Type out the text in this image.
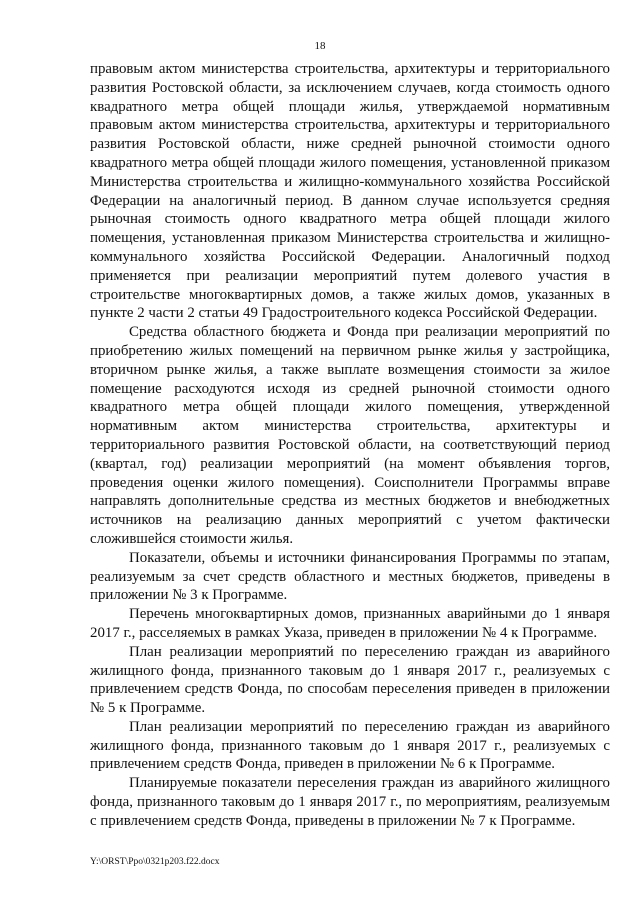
18

правовым актом министерства строительства, архитектуры и территориального развития Ростовской области, за исключением случаев, когда стоимость одного квадратного метра общей площади жилья, утверждаемой нормативным правовым актом министерства строительства, архитектуры и территориального развития Ростовской области, ниже средней рыночной стоимости одного квадратного метра общей площади жилого помещения, установленной приказом Министерства строительства и жилищно-коммунального хозяйства Российской Федерации на аналогичный период. В данном случае используется средняя рыночная стоимость одного квадратного метра общей площади жилого помещения, установленная приказом Министерства строительства и жилищно-коммунального хозяйства Российской Федерации. Аналогичный подход применяется при реализации мероприятий путем долевого участия в строительстве многоквартирных домов, а также жилых домов, указанных в пункте 2 части 2 статьи 49 Градостроительного кодекса Российской Федерации.

Средства областного бюджета и Фонда при реализации мероприятий по приобретению жилых помещений на первичном рынке жилья у застройщика, вторичном рынке жилья, а также выплате возмещения стоимости за жилое помещение расходуются исходя из средней рыночной стоимости одного квадратного метра общей площади жилого помещения, утвержденной нормативным актом министерства строительства, архитектуры и территориального развития Ростовской области, на соответствующий период (квартал, год) реализации мероприятий (на момент объявления торгов, проведения оценки жилого помещения). Соисполнители Программы вправе направлять дополнительные средства из местных бюджетов и внебюджетных источников на реализацию данных мероприятий с учетом фактически сложившейся стоимости жилья.

Показатели, объемы и источники финансирования Программы по этапам, реализуемым за счет средств областного и местных бюджетов, приведены в приложении № 3 к Программе.

Перечень многоквартирных домов, признанных аварийными до 1 января 2017 г., расселяемых в рамках Указа, приведен в приложении № 4 к Программе.

План реализации мероприятий по переселению граждан из аварийного жилищного фонда, признанного таковым до 1 января 2017 г., реализуемых с привлечением средств Фонда, по способам переселения приведен в приложении № 5 к Программе.

План реализации мероприятий по переселению граждан из аварийного жилищного фонда, признанного таковым до 1 января 2017 г., реализуемых с привлечением средств Фонда, приведен в приложении № 6 к Программе.

Планируемые показатели переселения граждан из аварийного жилищного фонда, признанного таковым до 1 января 2017 г., по мероприятиям, реализуемым с привлечением средств Фонда, приведены в приложении № 7 к Программе.

Y:\ORST\Ppo\0321p203.f22.docx
